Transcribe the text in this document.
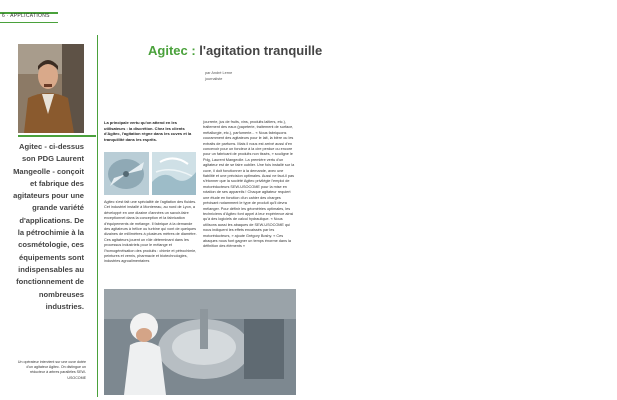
6 · APPLICATIONS
Agitec - ci-dessus son PDG Laurent Mangeolle - conçoit et fabrique des agitateurs pour une grande variété d'applications. De la pétrochimie à la cosmétologie, ces équipements sont indispensables au fonctionnement de nombreuses industries.
Un opérateur intervient sur une cuve dotée d'un agitateur Agitec. On distingue un réducteur à arbres parallèles SEW-USOCOME
Agitec : l'agitation tranquille
par André Lerne
journaliste
La principale vertu qu'on attend en les utilisateurs : la discrétion. Chez les clients d'Agitec, l'agitation règne dans les cuves et la tranquillité dans les esprits.
Agitec s'est fait une spécialité de l'agitation des fluides. Cet industriel installé à Montereau, au nord de Lyon, a développé en une dizaine d'années un savoir-faire exceptionnel dans la conception et la fabrication d'équipements de mélange. Il fabrique à la demande des agitateurs à hélice ou turbine qui vont de quelques dizaines de millimètres à plusieurs mètres de diamètre. Ces agitateurs jouent un rôle déterminant dans les processus industriels pour le mélange et l'homogénéisation des produits : chimie et pétrochimie, peintures et vernis, pharmacie et biotechnologies, industries agroalimentaires
(ourrerie, jus de fruits, vins, produits laitiers, etc.), traitement des eaux (papeterie, traitement de surface, métallurgie, etc.), parfumerie... « Nous fabriquons couramment des agitateurs pour le lait, la bière ou les extraits de parfums. Mais il nous est arrivé aussi d'en concevoir pour un fondeur à la cire perdue ou encore pour un fabricant de produits non tissés, » souligne le Pdg, Laurent Mangeolle. La première vertu d'un agitateur est de se faire oublier. Une fois installé sur la cuve, il doit fonctionner à la demande, avec une fiabilité et une précision optimales. Aussi ne faut-il pas s'étonner que la société Agitec privilégie l'emploi de motoréducteurs SEW-USOCOME pour la mise en rotation de ses appareils ! Chaque agitateur requiert une étude en fonction d'un cahier des charges précisant notamment le type de produit qu'il devra mélanger. Pour définir les géométries optimales, les techniciens d'Agitec font appel à leur expérience ainsi qu'à des logiciels de calcul hydraulique. « Nous utilisons aussi les abaques de SEW-USOCOME qui nous indiquent les effets encaissés par les motoréducteurs, » ajoute Grégory Boshy. « Ces abaques nous font gagner un temps énorme dans la définition des éléments »
